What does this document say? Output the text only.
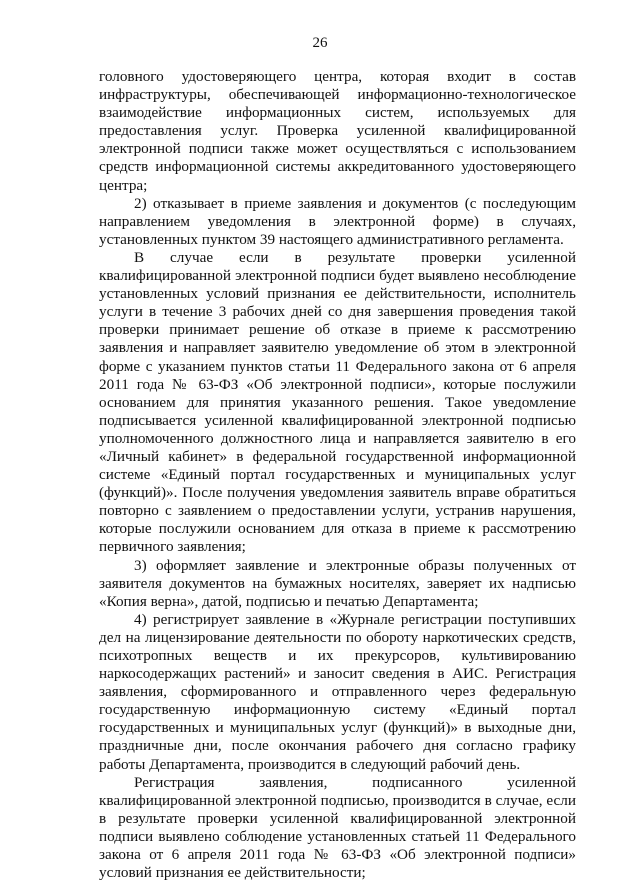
26

головного удостоверяющего центра, которая входит в состав инфраструктуры, обеспечивающей информационно-технологическое взаимодействие информационных систем, используемых для предоставления услуг. Проверка усиленной квалифицированной электронной подписи также может осуществляться с использованием средств информационной системы аккредитованного удостоверяющего центра;

2) отказывает в приеме заявления и документов (с последующим направлением уведомления в электронной форме) в случаях, установленных пунктом 39 настоящего административного регламента.

В случае если в результате проверки усиленной квалифицированной электронной подписи будет выявлено несоблюдение установленных условий признания ее действительности, исполнитель услуги в течение 3 рабочих дней со дня завершения проведения такой проверки принимает решение об отказе в приеме к рассмотрению заявления и направляет заявителю уведомление об этом в электронной форме с указанием пунктов статьи 11 Федерального закона от 6 апреля 2011 года № 63-ФЗ «Об электронной подписи», которые послужили основанием для принятия указанного решения. Такое уведомление подписывается усиленной квалифицированной электронной подписью уполномоченного должностного лица и направляется заявителю в его «Личный кабинет» в федеральной государственной информационной системе «Единый портал государственных и муниципальных услуг (функций)». После получения уведомления заявитель вправе обратиться повторно с заявлением о предоставлении услуги, устранив нарушения, которые послужили основанием для отказа в приеме к рассмотрению первичного заявления;

3) оформляет заявление и электронные образы полученных от заявителя документов на бумажных носителях, заверяет их надписью «Копия верна», датой, подписью и печатью Департамента;

4) регистрирует заявление в «Журнале регистрации поступивших дел на лицензирование деятельности по обороту наркотических средств, психотропных веществ и их прекурсоров, культивированию наркосодержащих растений» и заносит сведения в АИС. Регистрация заявления, сформированного и отправленного через федеральную государственную информационную систему «Единый портал государственных и муниципальных услуг (функций)» в выходные дни, праздничные дни, после окончания рабочего дня согласно графику работы Департамента, производится в следующий рабочий день.

Регистрация заявления, подписанного усиленной квалифицированной электронной подписью, производится в случае, если в результате проверки усиленной квалифицированной электронной подписи выявлено соблюдение установленных статьей 11 Федерального закона от 6 апреля 2011 года № 63-ФЗ «Об электронной подписи» условий признания ее действительности;
